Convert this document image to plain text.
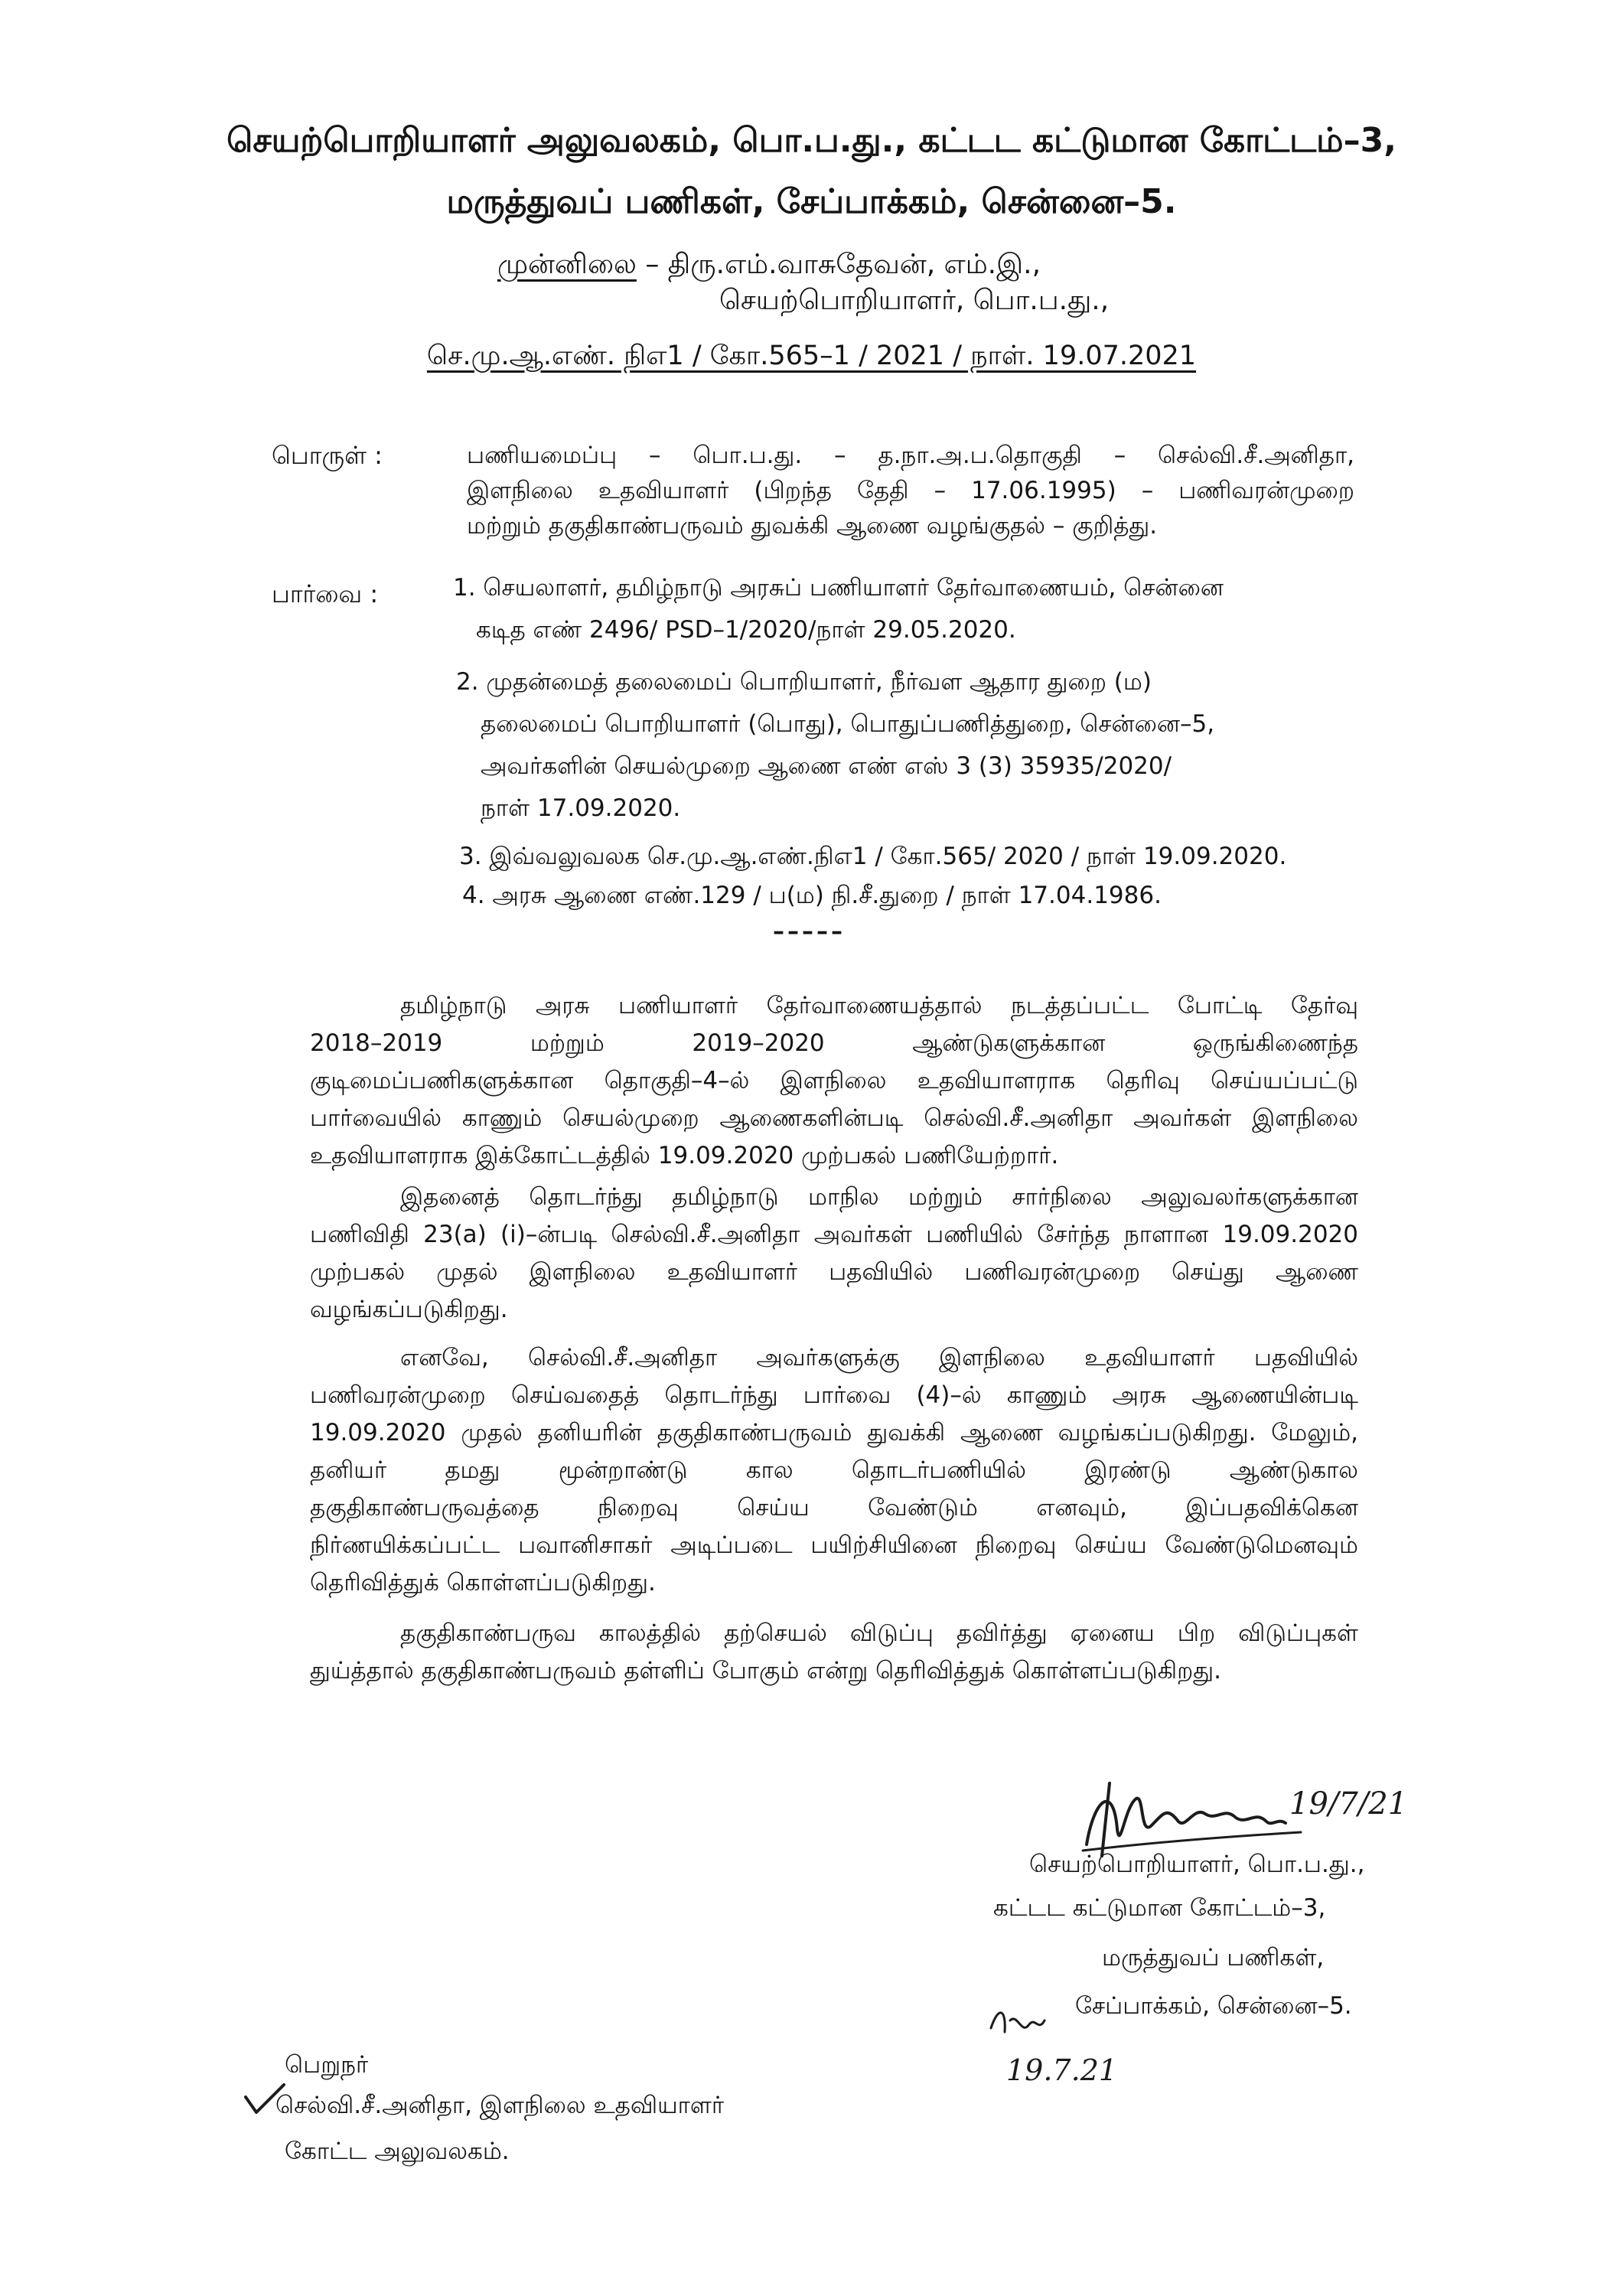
செயற்பொறியாளர் அலுவலகம், பொ.ப.து., கட்டட கட்டுமான கோட்டம்–3,
மருத்துவப் பணிகள், சேப்பாக்கம், சென்னை–5.
முன்னிலை – திரு.எம்.வாசுதேவன், எம்.இ.,
செயற்பொறியாளர், பொ.ப.து.,
செ.மு.ஆ.எண். நிஎ1 / கோ.565–1 / 2021 / நாள். 19.07.2021
பொருள் :	பணியமைப்பு – பொ.ப.து. – த.நா.அ.ப.தொகுதி – செல்வி.சீ.அனிதா,

இளநிலை உதவியாளர் (பிறந்த தேதி – 17.06.1995) – பணிவரன்முறை

மற்றும் தகுதிகாண்பருவம் துவக்கி ஆணை வழங்குதல் – குறித்து.

பார்வை :	1. செயலாளர், தமிழ்நாடு அரசுப் பணியாளர் தேர்வாணையம், சென்னை
கடித எண் 2496/ PSD–1/2020/நாள் 29.05.2020.
2. முதன்மைத் தலைமைப் பொறியாளர், நீர்வள ஆதார துறை (ம)
தலைமைப் பொறியாளர் (பொது), பொதுப்பணித்துறை, சென்னை–5,
அவர்களின் செயல்முறை ஆணை எண் எஸ் 3 (3) 35935/2020/
நாள் 17.09.2020.
3. இவ்வலுவலக செ.மு.ஆ.எண்.நிஎ1 / கோ.565/ 2020 / நாள் 19.09.2020.
4. அரசு ஆணை எண்.129 / ப(ம) நி.சீ.துறை / நாள் 17.04.1986.
–––––

தமிழ்நாடு அரசு பணியாளர் தேர்வாணையத்தால் நடத்தப்பட்ட போட்டி தேர்வு

2018–2019 மற்றும் 2019–2020 ஆண்டுகளுக்கான ஒருங்கிணைந்த

குடிமைப்பணிகளுக்கான தொகுதி–4–ல் இளநிலை உதவியாளராக தெரிவு செய்யப்பட்டு

பார்வையில் காணும் செயல்முறை ஆணைகளின்படி செல்வி.சீ.அனிதா அவர்கள் இளநிலை

உதவியாளராக இக்கோட்டத்தில் 19.09.2020 முற்பகல் பணியேற்றார்.

இதனைத் தொடர்ந்து தமிழ்நாடு மாநில மற்றும் சார்நிலை அலுவலர்களுக்கான

பணிவிதி 23(a) (i)–ன்படி செல்வி.சீ.அனிதா அவர்கள் பணியில் சேர்ந்த நாளான 19.09.2020

முற்பகல் முதல் இளநிலை உதவியாளர் பதவியில் பணிவரன்முறை செய்து ஆணை

வழங்கப்படுகிறது.

எனவே, செல்வி.சீ.அனிதா அவர்களுக்கு இளநிலை உதவியாளர் பதவியில்

பணிவரன்முறை செய்வதைத் தொடர்ந்து பார்வை (4)–ல் காணும் அரசு ஆணையின்படி

19.09.2020 முதல் தனியரின் தகுதிகாண்பருவம் துவக்கி ஆணை வழங்கப்படுகிறது. மேலும்,

தனியர் தமது மூன்றாண்டு கால தொடர்பணியில் இரண்டு ஆண்டுகால

தகுதிகாண்பருவத்தை நிறைவு செய்ய வேண்டும் எனவும், இப்பதவிக்கென

நிர்ணயிக்கப்பட்ட பவானிசாகர் அடிப்படை பயிற்சியினை நிறைவு செய்ய வேண்டுமெனவும்

தெரிவித்துக் கொள்ளப்படுகிறது.

தகுதிகாண்பருவ காலத்தில் தற்செயல் விடுப்பு தவிர்த்து ஏனைய பிற விடுப்புகள்

துய்த்தால் தகுதிகாண்பருவம் தள்ளிப் போகும் என்று தெரிவித்துக் கொள்ளப்படுகிறது.

19/7/21
செயற்பொறியாளர், பொ.ப.து.,
கட்டட கட்டுமான கோட்டம்–3,
மருத்துவப் பணிகள்,
சேப்பாக்கம், சென்னை–5.
19.7.21
பெறுநர்
செல்வி.சீ.அனிதா, இளநிலை உதவியாளர்
கோட்ட அலுவலகம்.
